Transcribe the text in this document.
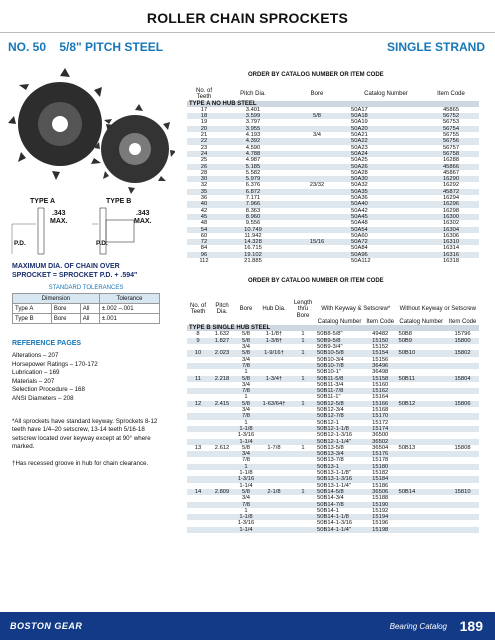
ROLLER CHAIN SPROCKETS
NO. 50    5/8" PITCH STEEL	SINGLE STRAND
TYPE A	TYPE B
.343
MAX.
P.D.
.343
MAX.
P.D.
MAXIMUM DIA. OF CHAIN OVER
SPROCKET = SPROCKET P.D. + .594"
STANDARD TOLERANCES
Dimension			Tolerance
Type A	Bore	All	±.002 –.001
Type B	Bore	All	±.001
REFERENCE PAGES
Alterations – 207
Horsepower Ratings – 170-172
Lubrication – 169
Materials – 207
Selection Procedure – 168
ANSI Diameters – 208
*All sprockets have standard keyway. Sprockets 8-12 teeth have 1/4–20 setscrew, 13-14 teeth 5/16-18 setscrew located over keyway except at 90° where marked.
†Has recessed groove in hub for chain clearance.
ORDER BY CATALOG NUMBER OR ITEM CODE
No. of Teeth	Pitch Dia.	Bore	Catalog Number	Item Code
TYPE A NO HUB STEEL				
17	3.401		50A17	45865
18	3.599	5/8	50A18	56752
19	3.797		50A19	56753
20	3.955		50A20	56754
21	4.193	3/4	50A21	56755
22	4.392		50A22	56756
23	4.590		50A23	56757
24	4.788		50A24	56758
25	4.987		50A25	16288
26	5.185		50A26	45866
28	5.582		50A28	45867
30	5.979		50A30	16290
32	6.376	23/32	50A32	16292
35	6.872		50A35	45872
36	7.171		50A36	16294
40	7.966		50A40	16296
42	8.363		50A42	16298
45	8.960		50A45	16300
48	9.556		50A48	16302
54	10.749		50A54	16304
60	11.942		50A60	16306
72	14.328	15/16	50A72	16310
84	16.715		50A84	16314
96	19.102		50A96	16316
112	21.885		50A112	16318
ORDER BY CATALOG NUMBER OR ITEM CODE
No. of Teeth	Pitch Dia.	Bore	Hub Dia.	Length thru Bore	With Keyway & Setscrew*		Without Keyway or Setscrew	
					Catalog Number	Item Code	Catalog Number	Item Code
TYPE B SINGLE HUB STEEL								
8	1.632	5/8	1-1/8†	1	50B8-5/8"	49482	50B8	15796
9	1.827	5/8	1-3/8†	1	50B9-5/8	15150	50B9	15800
		3/4			50B9-3/4"	15152		
10	2.023	5/8	1-9/16†	1	50B10-5/8	15154	50B10	15802
		3/4			50B10-3/4	15156		
		7/8			50B10-7/8	36496		
		1			50B10-1"	36498		
11	2.218	5/8	1-3/4†	1	50B11-5/8	15158	50B11	15804
		3/4			50B11-3/4	15160		
		7/8			50B11-7/8	15162		
		1			50B11-1"	15164		
12	2.415	5/8	1-63/64†	1	50B12-5/8	15166	50B12	15806
		3/4			50B12-3/4	15168		
		7/8			50B12-7/8	15170		
		1			50B12-1	15172		
		1-1/8			50B12-1-1/8	15174		
		1-3/16			50B12-1-3/16	36500		
		1-1/4			50B12-1-1/4"	36502		
13	2.612	5/8	1-7/8	1	50B13-5/8	36504	50B13	15808
		3/4			50B13-3/4	15176		
		7/8			50B13-7/8	15178		
		1			50B13-1	15180		
		1-1/8			50B13-1-1/8"	15182		
		1-3/16			50B13-1-3/16	15184		
		1-1/4			50B13-1-1/4"	15186		
14	2.809	5/8	2-1/8	1	50B14-5/8	36506	50B14	15810
		3/4			50B14-3/4	15188		
		7/8			50B14-7/8	15190		
		1			50B14-1	15192		
		1-1/8			50B14-1-1/8	15194		
		1-3/16			50B14-1-3/16	15196		
		1-1/4			50B14-1-1/4"	15198		
BOSTON GEAR	Bearing Catalog 189
